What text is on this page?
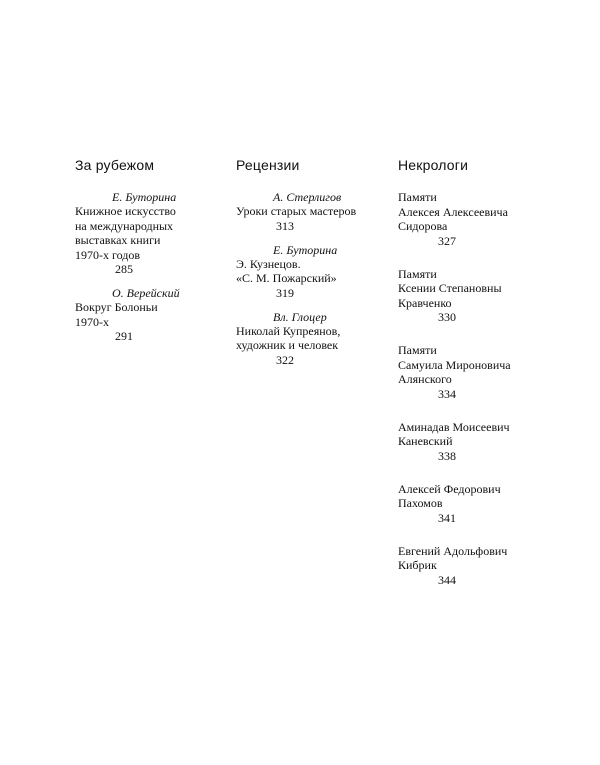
За рубежом
Е. Буторина
Книжное искусство
на международных
выставках книги
1970-х годов
285
О. Верейский
Вокруг Болоньи
1970-х
291
Рецензии
А. Стерлигов
Уроки старых мастеров
313
Е. Буторина
Э. Кузнецов.
«С. М. Пожарский»
319
Вл. Глоцер
Николай Купреянов,
художник и человек
322
Некрологи
Памяти
Алексея Алексеевича
Сидорова
327
Памяти
Ксении Степановны
Кравченко
330
Памяти
Самуила Мироновича
Алянского
334
Аминадав Моисеевич
Каневский
338
Алексей Федорович
Пахомов
341
Евгений Адольфович
Кибрик
344
